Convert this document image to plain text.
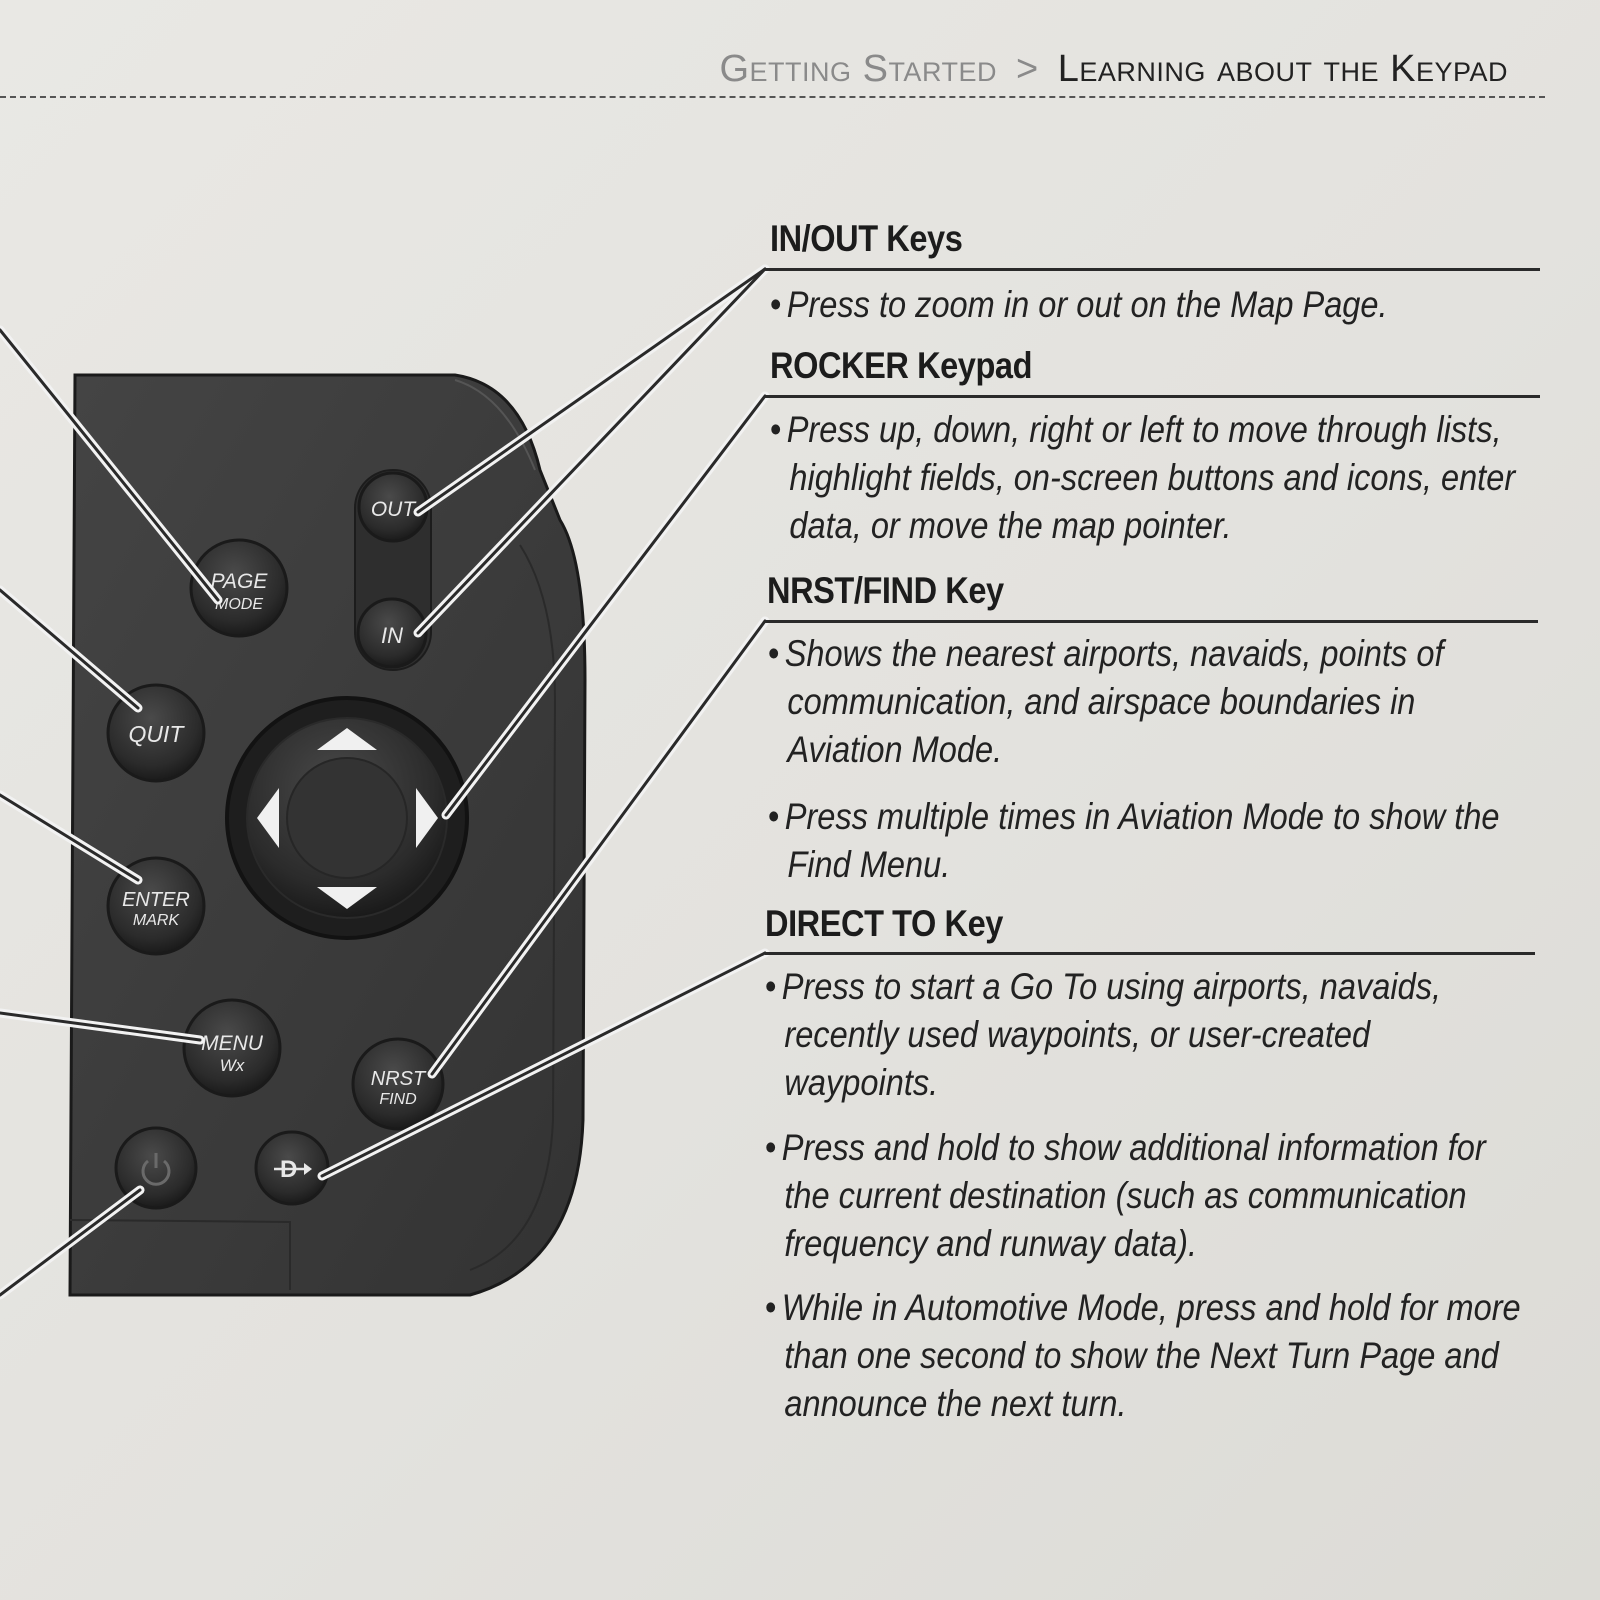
Getting Started > Learning about the Keypad
OUT
IN
PAGE
MODE
QUIT
ENTER
MARK
MENU
Wx
NRST
FIND
D
IN/OUT Keys
• Press to zoom in or out on the Map Page.
ROCKER Keypad
• Press up, down, right or left to move through lists, highlight fields, on-screen buttons and icons, enter data, or move the map pointer.
NRST/FIND Key
• Shows the nearest airports, navaids, points of communication, and airspace boundaries in Aviation Mode.
• Press multiple times in Aviation Mode to show the Find Menu.
DIRECT TO Key
• Press to start a Go To using airports, navaids, recently used waypoints, or user-created waypoints.
• Press and hold to show additional information for the current destination (such as communication frequency and runway data).
• While in Automotive Mode, press and hold for more than one second to show the Next Turn Page and announce the next turn.
